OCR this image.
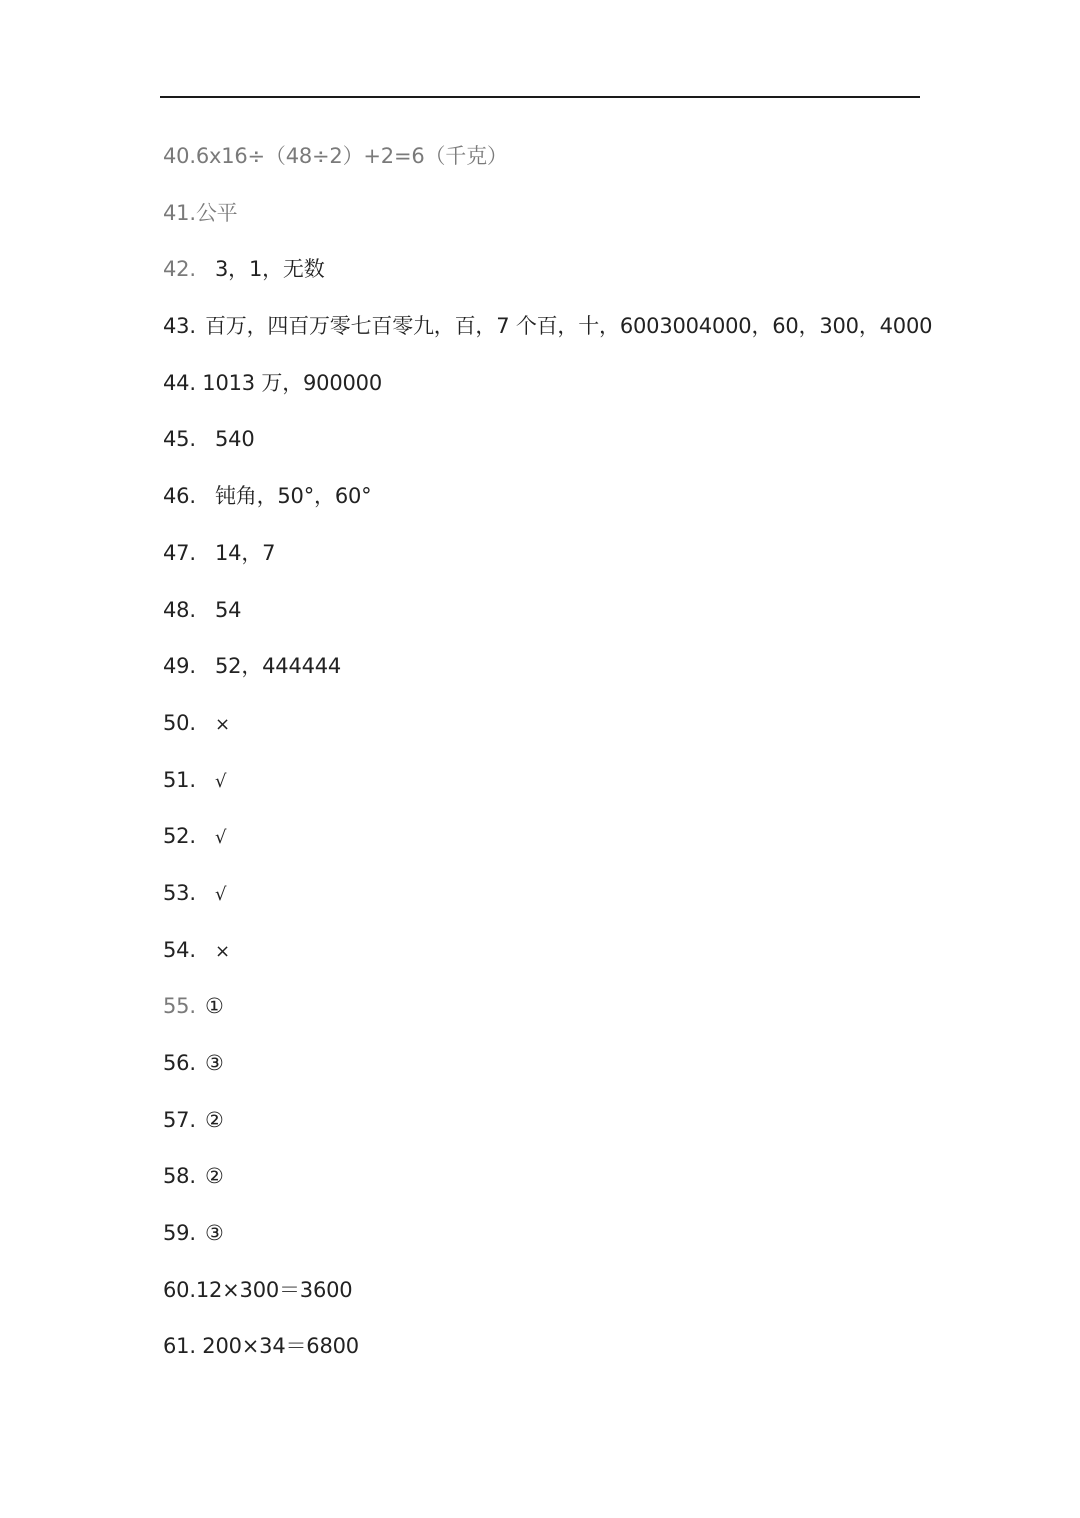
40.6x16÷（48÷2）+2=6（千克）
41.公平
42. 3，1，无数
43. 百万，四百万零七百零九，百，7 个百，十，6003004000，60，300，4000
44. 1013 万，900000
45. 540
46. 钝角，50°，60°
47. 14，7
48. 54
49. 52，444444
50. ×
51. √
52. √
53. √
54. ×
55. ①
56. ③
57. ②
58. ②
59. ③
60.12×300＝3600
61. 200×34＝6800
